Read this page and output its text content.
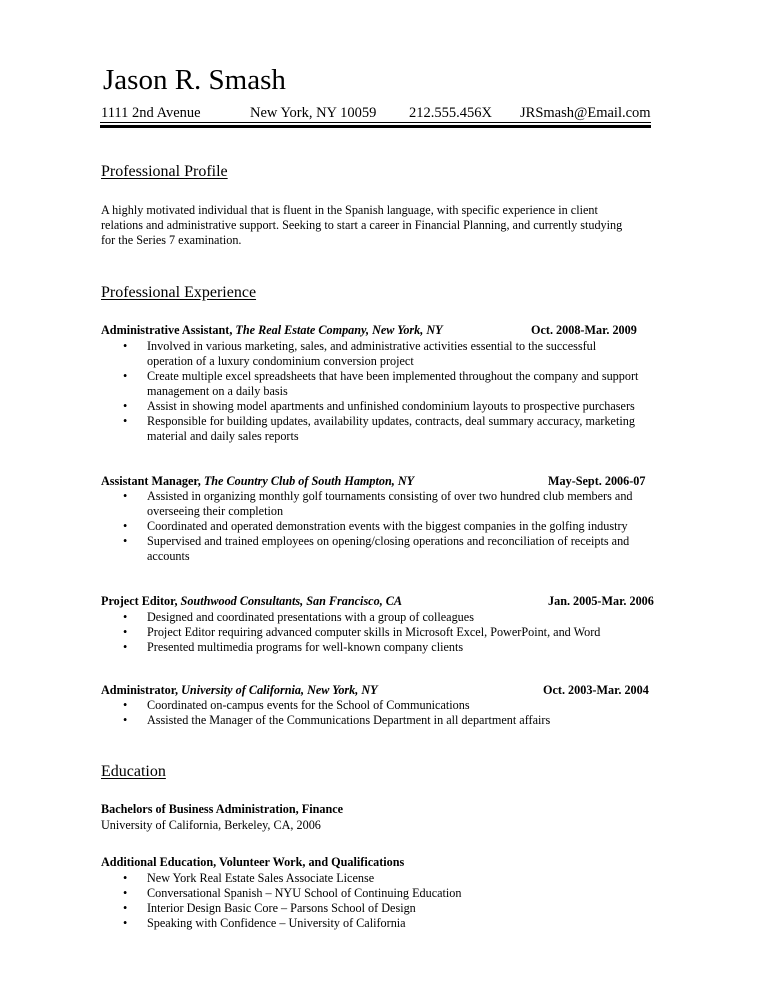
Jason R. Smash
1111 2nd Avenue	New York, NY 10059 212.555.456X JRSmash@Email.com
Professional Profile

A highly motivated individual that is fluent in the Spanish language, with specific experience in client

relations and administrative support. Seeking to start a career in Financial Planning, and currently studying

for the Series 7 examination.

Professional Experience
Administrative Assistant, The Real Estate Company, New York, NY	Oct. 2008-Mar. 2009
• Involved in various marketing, sales, and administrative activities essential to the successful
operation of a luxury condominium conversion project
• Create multiple excel spreadsheets that have been implemented throughout the company and support
management on a daily basis
• Assist in showing model apartments and unfinished condominium layouts to prospective purchasers
• Responsible for building updates, availability updates, contracts, deal summary accuracy, marketing
material and daily sales reports
Assistant Manager, The Country Club of South Hampton, NY	May-Sept. 2006-07
• Assisted in organizing monthly golf tournaments consisting of over two hundred club members and
overseeing their completion
• Coordinated and operated demonstration events with the biggest companies in the golfing industry
• Supervised and trained employees on opening/closing operations and reconciliation of receipts and
accounts
Project Editor, Southwood Consultants, San Francisco, CA	Jan. 2005-Mar. 2006
• Designed and coordinated presentations with a group of colleagues
• Project Editor requiring advanced computer skills in Microsoft Excel, PowerPoint, and Word
• Presented multimedia programs for well-known company clients
Administrator, University of California, New York, NY	Oct. 2003-Mar. 2004
• Coordinated on-campus events for the School of Communications
• Assisted the Manager of the Communications Department in all department affairs
Education
Bachelors of Business Administration, Finance
University of California, Berkeley, CA, 2006
Additional Education, Volunteer Work, and Qualifications
• New York Real Estate Sales Associate License
• Conversational Spanish – NYU School of Continuing Education
• Interior Design Basic Core – Parsons School of Design
• Speaking with Confidence – University of California
